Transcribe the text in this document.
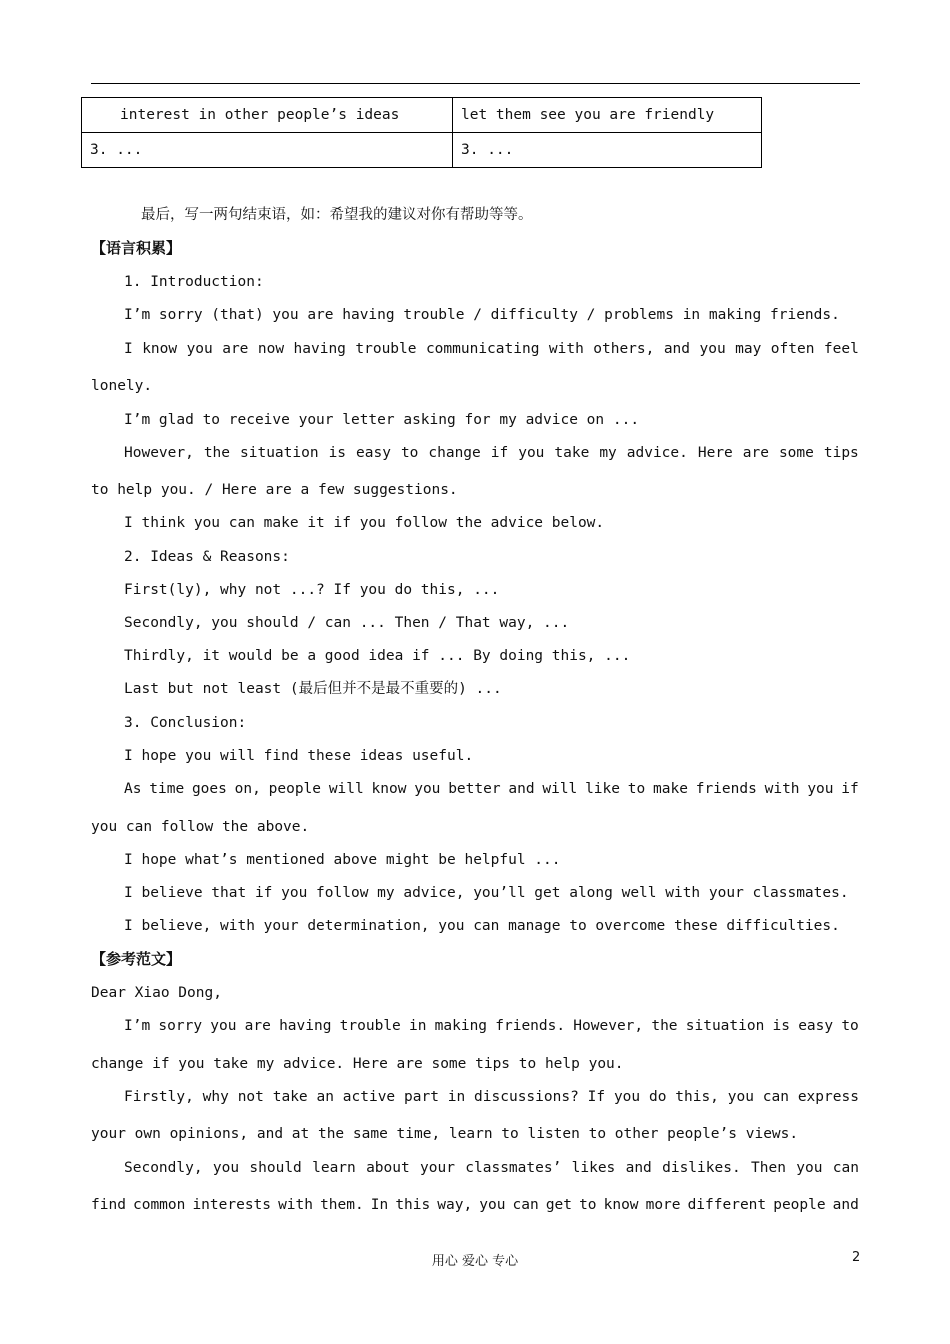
interest in other people’s ideas	let them see you are friendly
3. ...	3. ...
最后，写一两句结束语，如：希望我的建议对你有帮助等等。
【语言积累】
1. Introduction:
I’m sorry (that) you are having trouble / difficulty / problems in making friends.
I know you are now having trouble communicating with others, and you may often feel
lonely.
I’m glad to receive your letter asking for my advice on ...
However, the situation is easy to change if you take my advice. Here are some tips
to help you. / Here are a few suggestions.
I think you can make it if you follow the advice below.
2. Ideas & Reasons:
First(ly), why not ...? If you do this, ...
Secondly, you should / can ... Then / That way, ...
Thirdly, it would be a good idea if ... By doing this, ...
Last but not least (最后但并不是最不重要的) ...
3. Conclusion:
I hope you will find these ideas useful.
As time goes on, people will know you better and will like to make friends with you if
you can follow the above.
I hope what’s mentioned above might be helpful ...
I believe that if you follow my advice, you’ll get along well with your classmates.
I believe, with your determination, you can manage to overcome these difficulties.
【参考范文】
Dear Xiao Dong,
I’m sorry you are having trouble in making friends. However, the situation is easy to
change if you take my advice. Here are some tips to help you.
Firstly, why not take an active part in discussions? If you do this, you can express
your own opinions, and at the same time, learn to listen to other people’s views.
Secondly, you should learn about your classmates’ likes and dislikes. Then you can
find common interests with them. In this way, you can get to know more different people and
用心 爱心 专心	2
